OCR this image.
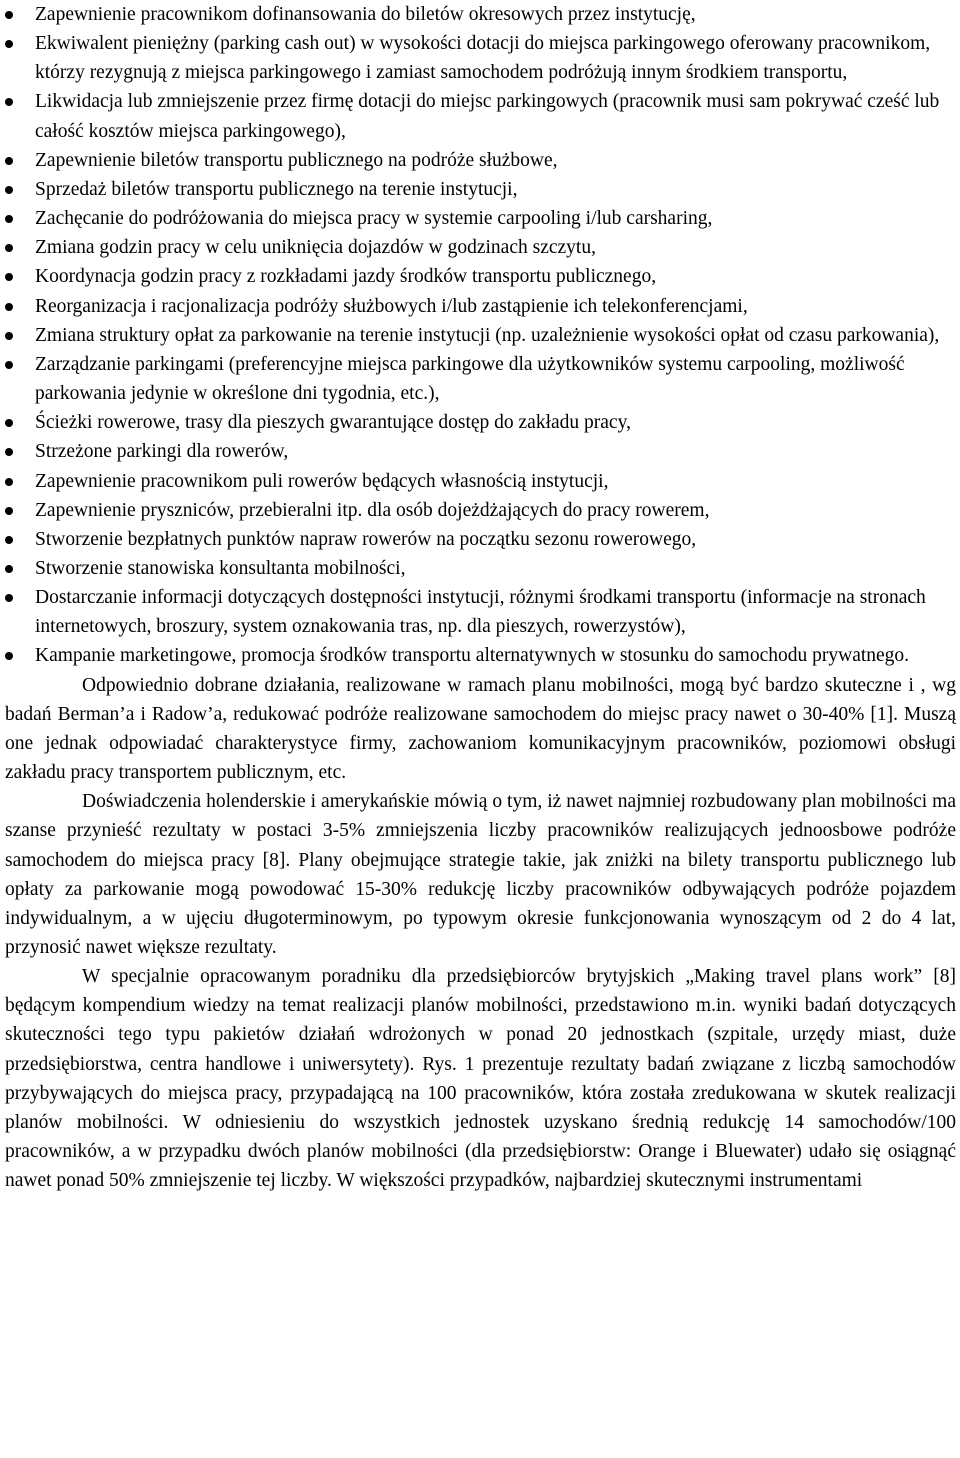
Zapewnienie pracownikom dofinansowania do biletów okresowych przez instytucję,
Ekwiwalent pieniężny (parking cash out) w wysokości dotacji do miejsca parkingowego oferowany pracownikom, którzy rezygnują z miejsca parkingowego i zamiast samochodem podróżują innym środkiem transportu,
Likwidacja lub zmniejszenie przez firmę dotacji do miejsc parkingowych (pracownik musi sam pokrywać cześć lub całość kosztów miejsca parkingowego),
Zapewnienie biletów transportu publicznego na podróże służbowe,
Sprzedaż biletów transportu publicznego na terenie instytucji,
Zachęcanie do podróżowania do miejsca pracy w systemie carpooling i/lub carsharing,
Zmiana godzin pracy w celu uniknięcia dojazdów w godzinach szczytu,
Koordynacja godzin pracy z rozkładami jazdy środków transportu publicznego,
Reorganizacja i racjonalizacja podróży służbowych i/lub zastąpienie ich telekonferencjami,
Zmiana struktury opłat za parkowanie na terenie instytucji (np. uzależnienie wysokości opłat od czasu parkowania),
Zarządzanie parkingami (preferencyjne miejsca parkingowe dla użytkowników systemu carpooling, możliwość parkowania jedynie w określone dni tygodnia, etc.),
Ścieżki rowerowe, trasy dla pieszych gwarantujące dostęp do zakładu pracy,
Strzeżone parkingi dla rowerów,
Zapewnienie pracownikom puli rowerów będących własnością instytucji,
Zapewnienie pryszniców, przebieralni itp. dla osób dojeżdżających do pracy rowerem,
Stworzenie bezpłatnych punktów napraw rowerów na początku sezonu rowerowego,
Stworzenie stanowiska konsultanta mobilności,
Dostarczanie informacji dotyczących dostępności instytucji, różnymi środkami transportu (informacje na stronach internetowych, broszury, system oznakowania tras, np. dla pieszych, rowerzystów),
Kampanie marketingowe, promocja środków transportu alternatywnych w stosunku do samochodu prywatnego.

Odpowiednio dobrane działania, realizowane w ramach planu mobilności, mogą być bardzo skuteczne i , wg badań Berman’a i Radow’a, redukować podróże realizowane samochodem do miejsc pracy nawet o 30-40% [1]. Muszą one jednak odpowiadać charakterystyce firmy, zachowaniom komunikacyjnym pracowników, poziomowi obsługi zakładu pracy transportem publicznym, etc.

Doświadczenia holenderskie i amerykańskie mówią o tym, iż nawet najmniej rozbudowany plan mobilności ma szanse przynieść rezultaty w postaci 3-5% zmniejszenia liczby pracowników realizujących jednoosbowe podróże samochodem do miejsca pracy [8]. Plany obejmujące strategie takie, jak zniżki na bilety transportu publicznego lub opłaty za parkowanie mogą powodować 15-30% redukcję liczby pracowników odbywających podróże pojazdem indywidualnym, a w ujęciu długoterminowym, po typowym okresie funkcjonowania wynoszącym od 2 do 4 lat, przynosić nawet większe rezultaty.

W specjalnie opracowanym poradniku dla przedsiębiorców brytyjskich „Making travel plans work” [8] będącym kompendium wiedzy na temat realizacji planów mobilności, przedstawiono m.in. wyniki badań dotyczących skuteczności tego typu pakietów działań wdrożonych w ponad 20 jednostkach (szpitale, urzędy miast, duże przedsiębiorstwa, centra handlowe i uniwersytety). Rys. 1 prezentuje rezultaty badań związane z liczbą samochodów przybywających do miejsca pracy, przypadającą na 100 pracowników, która została zredukowana w skutek realizacji planów mobilności. W odniesieniu do wszystkich jednostek uzyskano średnią redukcję 14 samochodów/100 pracowników, a w przypadku dwóch planów mobilności (dla przedsiębiorstw: Orange i Bluewater) udało się osiągnąć nawet ponad 50% zmniejszenie tej liczby. W większości przypadków, najbardziej skutecznymi instrumentami
